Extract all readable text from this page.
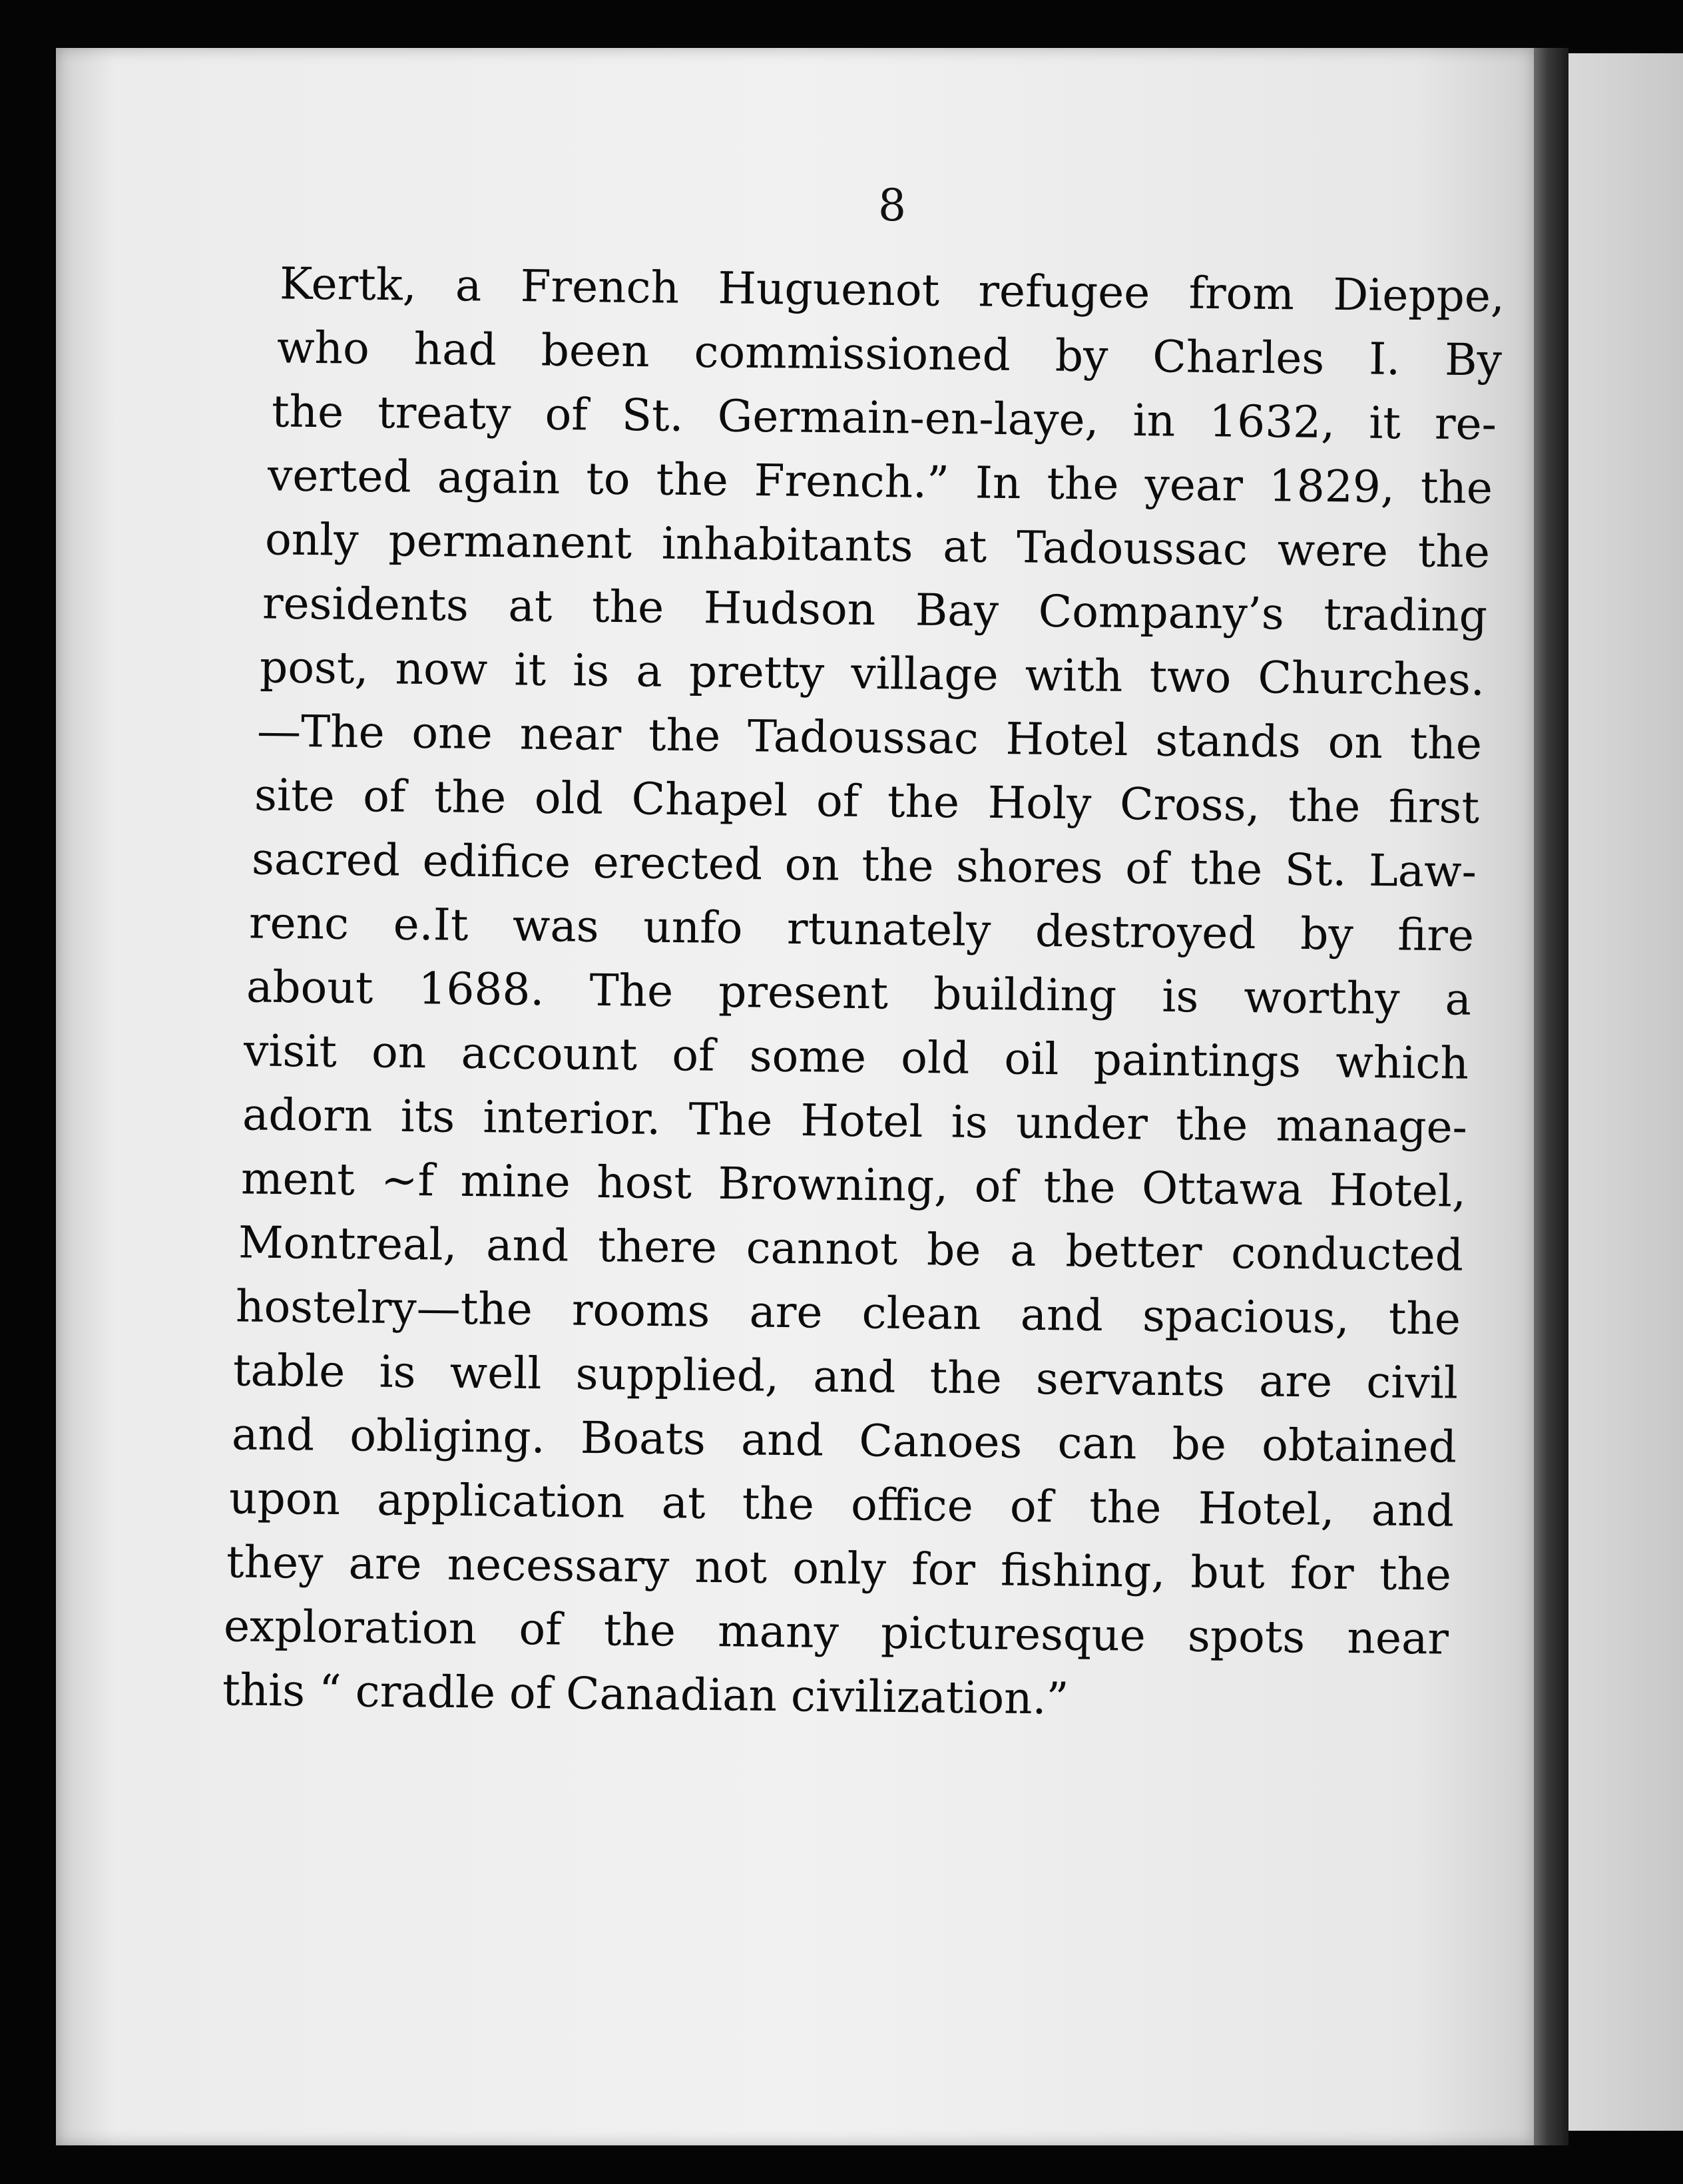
8
Kertk, a French Huguenot refugee from Dieppe,
who had been commissioned by Charles I. By
the treaty of St. Germain-en-laye, in 1632, it re-
verted again to the French.” In the year 1829, the
only permanent inhabitants at Tadoussac were the
residents at the Hudson Bay Company’s trading
post, now it is a pretty village with two Churches.
—The one near the Tadoussac Hotel stands on the
site of the old Chapel of the Holy Cross, the first
sacred edifice erected on the shores of the St. Law-
renc e.It was unfo rtunately destroyed by fire
about 1688. The present building is worthy a
visit on account of some old oil paintings which
adorn its interior. The Hotel is under the manage-
ment ~f mine host Browning, of the Ottawa Hotel,
Montreal, and there cannot be a better conducted
hostelry—the rooms are clean and spacious, the
table is well supplied, and the servants are civil
and obliging. Boats and Canoes can be obtained
upon application at the office of the Hotel, and
they are necessary not only for fishing, but for the
exploration of the many picturesque spots near
this “ cradle of Canadian civilization.”
